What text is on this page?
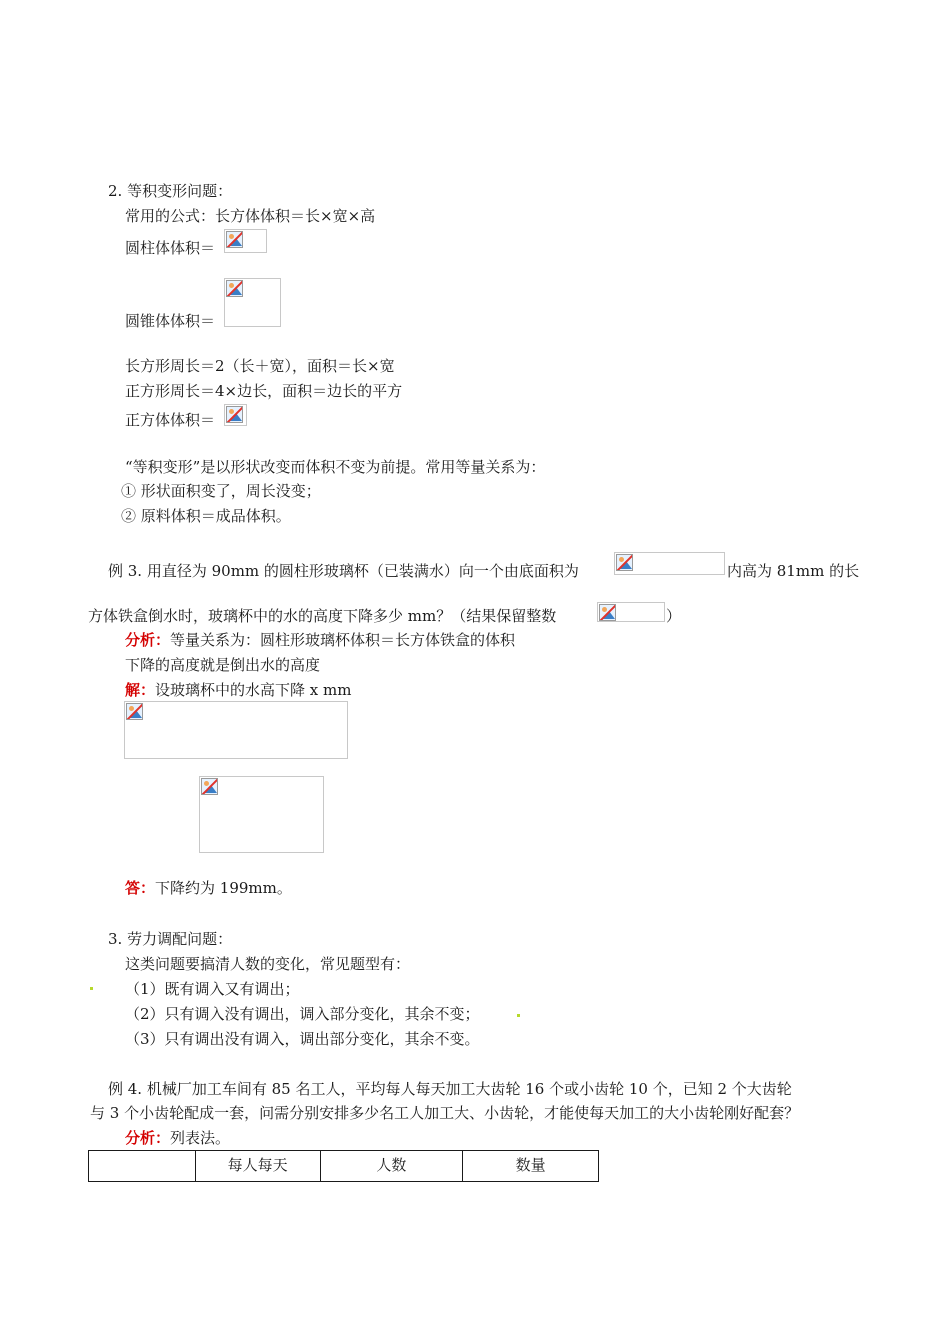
2. 等积变形问题：
常用的公式：长方体体积＝长×宽×高
圆柱体体积＝
圆锥体体积＝
长方形周长＝2（长＋宽），面积＝长×宽
正方形周长＝4×边长，面积＝边长的平方
正方体体积＝
“等积变形”是以形状改变而体积不变为前提。常用等量关系为：
① 形状面积变了，周长没变；
② 原料体积＝成品体积。
例 3. 用直径为 90mm 的圆柱形玻璃杯（已装满水）向一个由底面积为	内高为 81mm 的长
方体铁盒倒水时，玻璃杯中的水的高度下降多少 mm？（结果保留整数	）
分析：等量关系为：圆柱形玻璃杯体积＝长方体铁盒的体积
下降的高度就是倒出水的高度
解：设玻璃杯中的水高下降 x mm
答：下降约为 199mm。
3. 劳力调配问题：
这类问题要搞清人数的变化，常见题型有：
（1）既有调入又有调出；
（2）只有调入没有调出，调入部分变化，其余不变；
（3）只有调出没有调入，调出部分变化，其余不变。
例 4. 机械厂加工车间有 85 名工人，平均每人每天加工大齿轮 16 个或小齿轮 10 个，已知 2 个大齿轮
与 3 个小齿轮配成一套，问需分别安排多少名工人加工大、小齿轮，才能使每天加工的大小齿轮刚好配套？
分析：列表法。
	每人每天	人数	数量
